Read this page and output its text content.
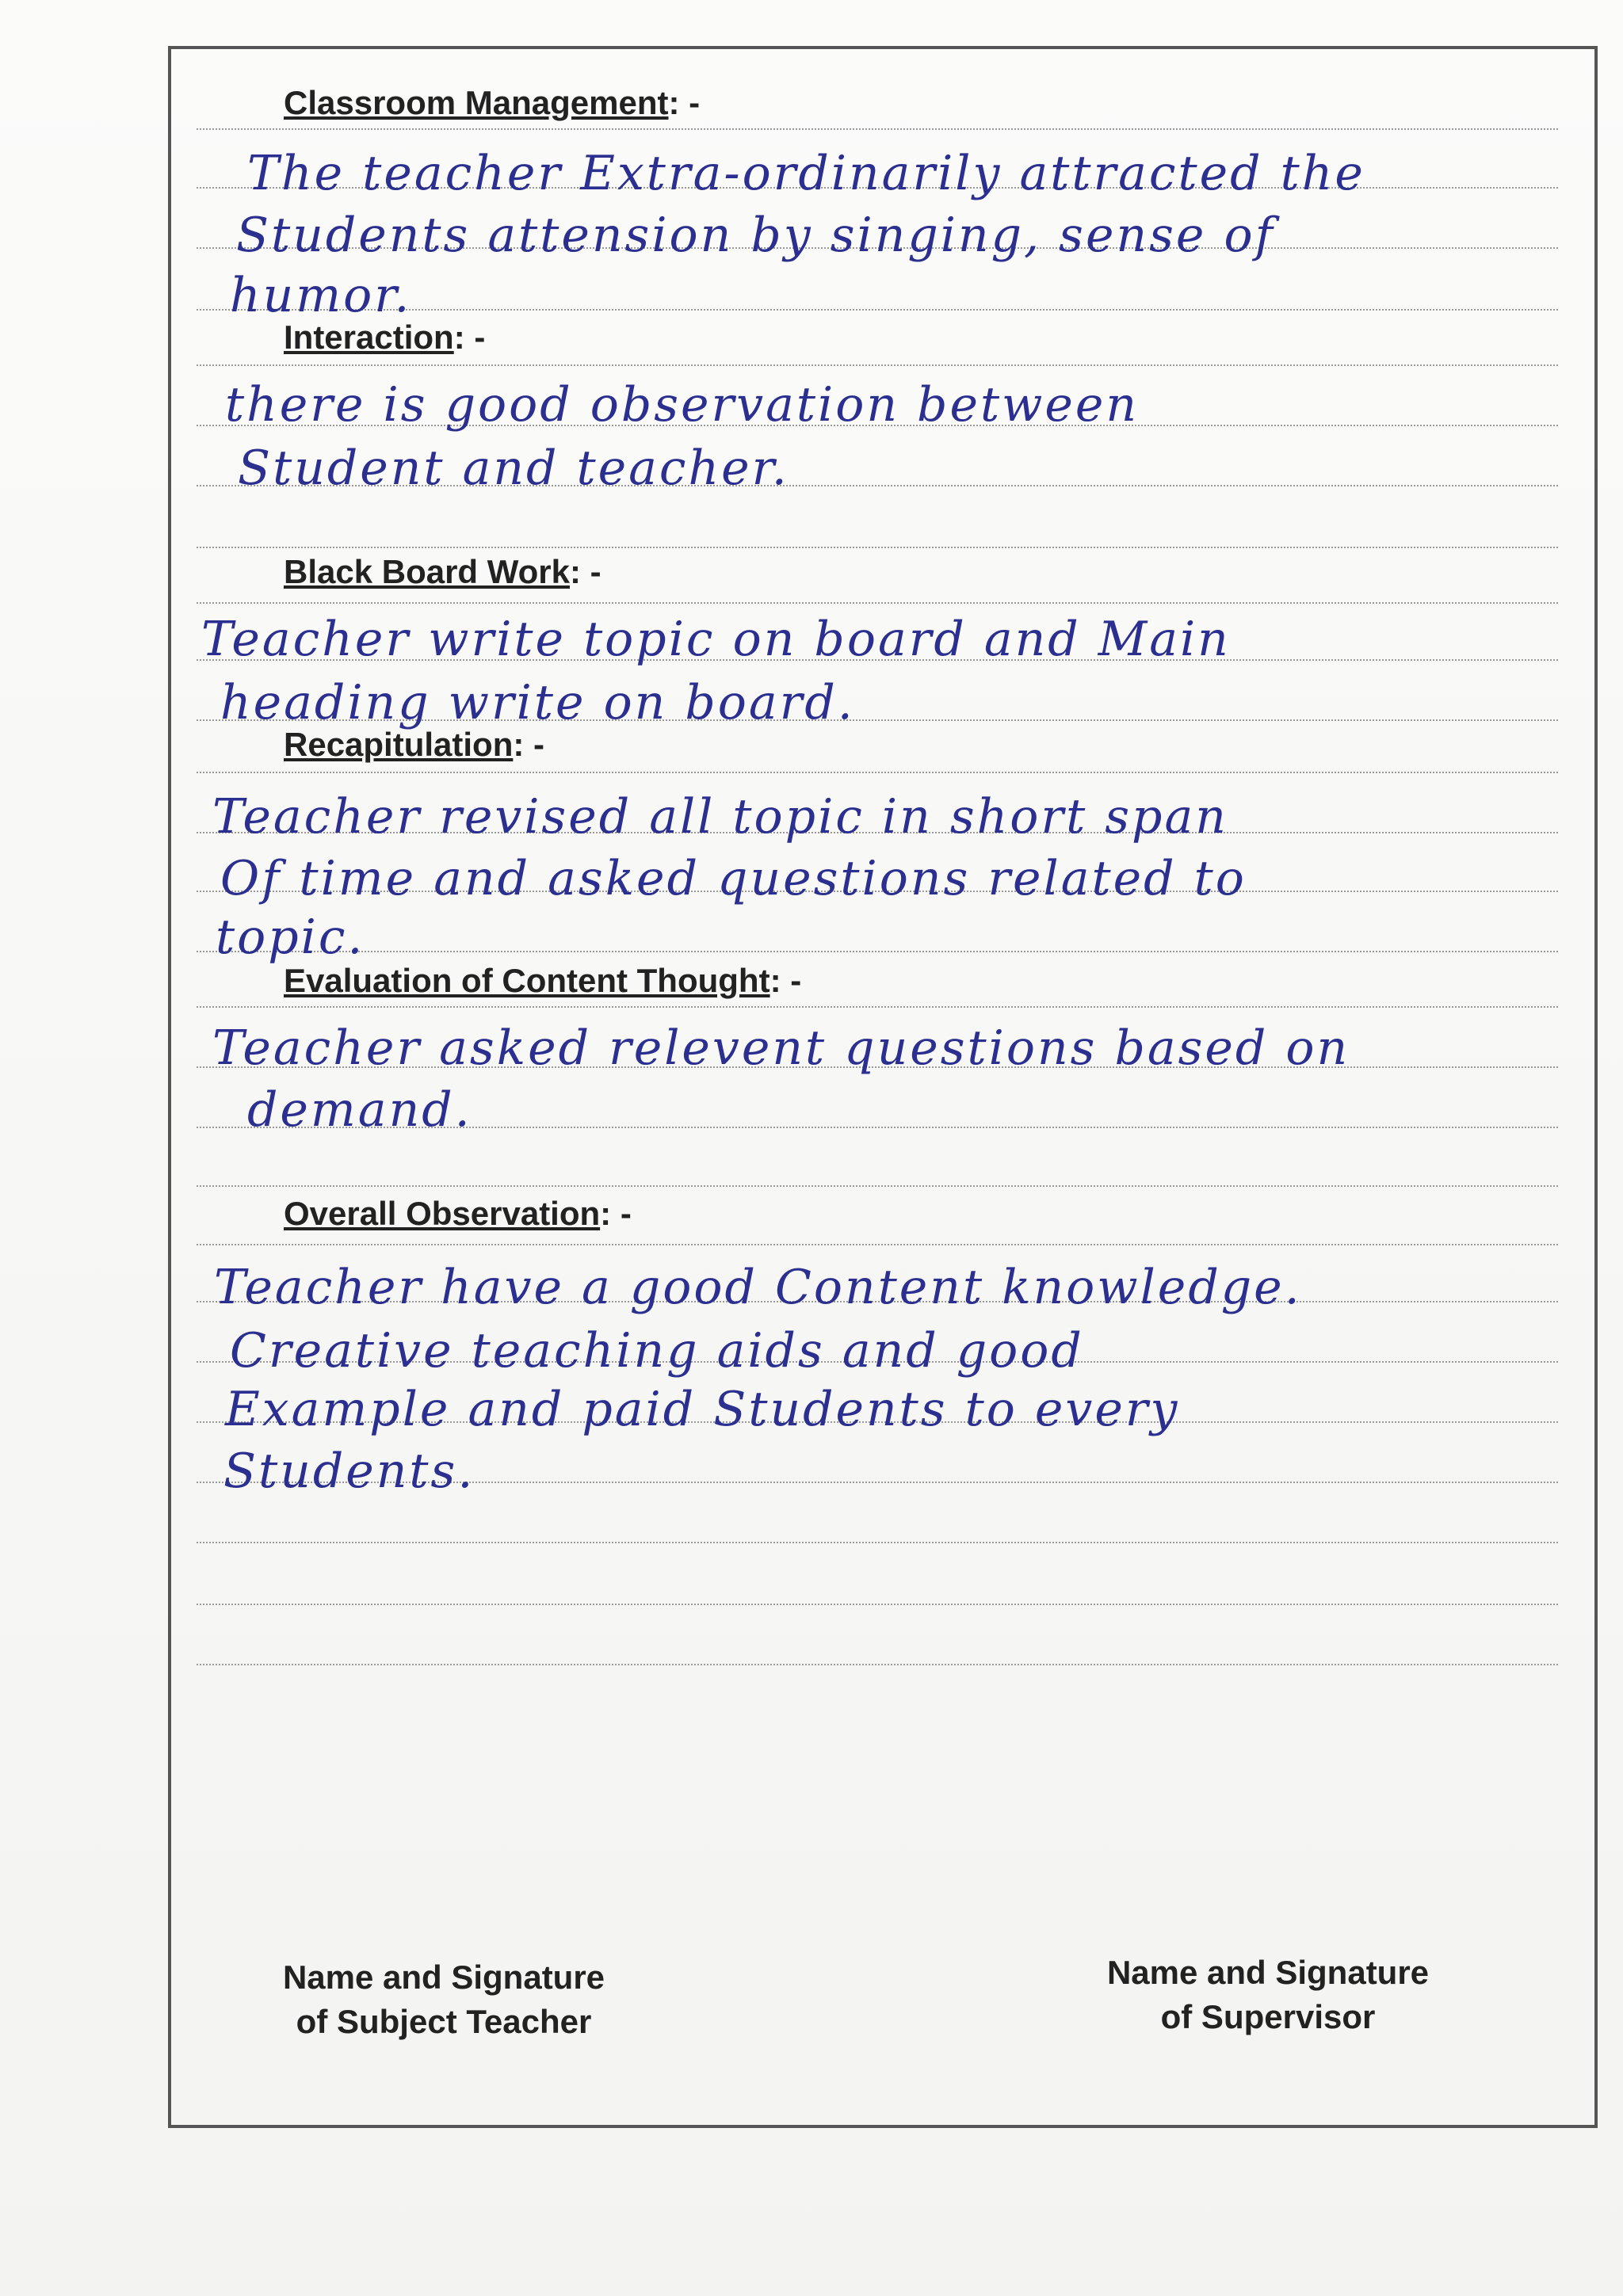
Classroom Management: -
The teacher Extra-ordinarily attracted the
Students attension by singing, sense of
humor.
Interaction: -
there is good observation between
Student and teacher.
Black Board Work: -
Teacher write topic on board and Main
heading write on board.
Recapitulation: -
Teacher revised all topic in short span
Of time and asked questions related to
topic.
Evaluation of Content Thought: -
Teacher asked relevent questions based on
demand.
Overall Observation: -
Teacher have a good Content knowledge.
Creative teaching aids and good
Example and paid Students to every
Students.
Name and Signature
of Subject Teacher
Name and Signature
of Supervisor
